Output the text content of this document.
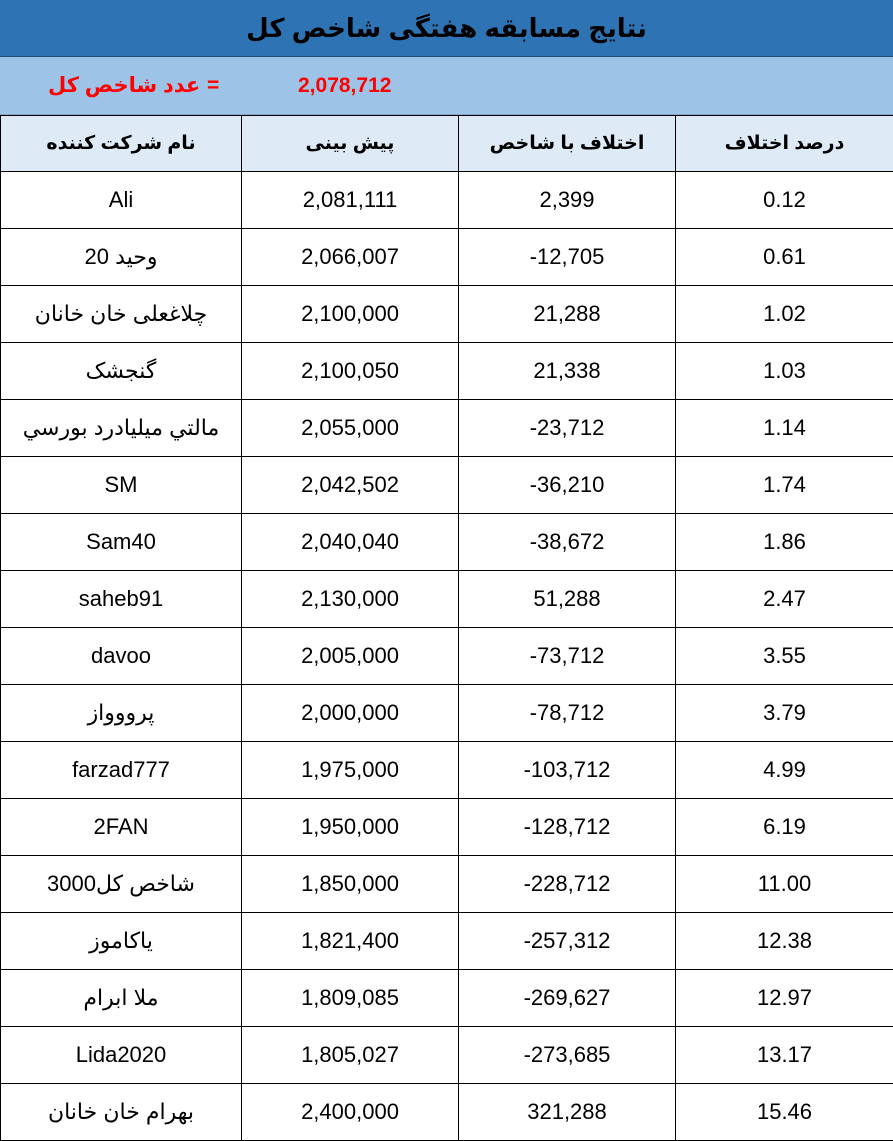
نتایج مسابقه هفتگی شاخص کل
2,078,712
=
عدد شاخص کل
نام شرکت کننده	پیش بینی	اختلاف با شاخص	درصد اختلاف
Ali	2,081,111	2,399	0.12
وحید 20	2,066,007	-12,705	0.61
چلاغعلی خان خانان	2,100,000	21,288	1.02
گنجشک	2,100,050	21,338	1.03
مالتي ميليادرد بورسي	2,055,000	-23,712	1.14
SM	2,042,502	-36,210	1.74
Sam40	2,040,040	-38,672	1.86
saheb91	2,130,000	51,288	2.47
davoo	2,005,000	-73,712	3.55
پرووواز	2,000,000	-78,712	3.79
farzad777	1,975,000	-103,712	4.99
2FAN	1,950,000	-128,712	6.19
شاخص کل3000	1,850,000	-228,712	11.00
یاکاموز	1,821,400	-257,312	12.38
ملا ابرام	1,809,085	-269,627	12.97
Lida2020	1,805,027	-273,685	13.17
بهرام خان خانان	2,400,000	321,288	15.46
